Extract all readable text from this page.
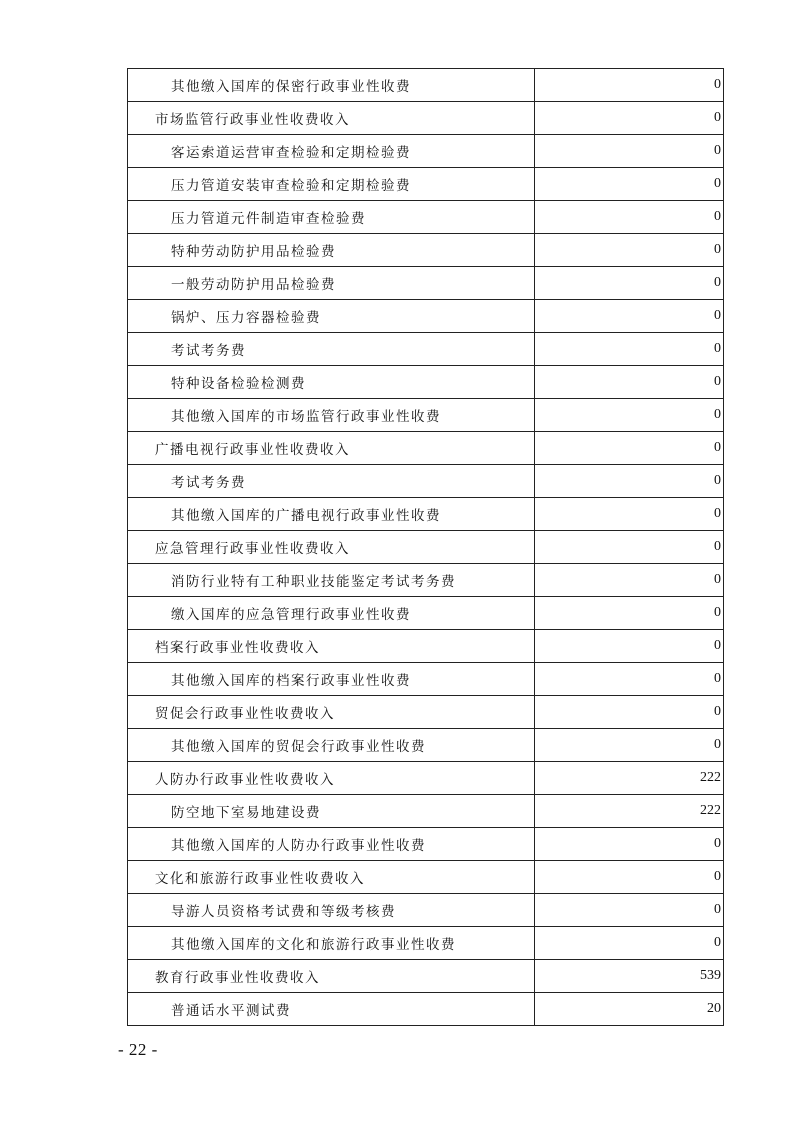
其他缴入国库的保密行政事业性收费	0
市场监管行政事业性收费收入	0
客运索道运营审查检验和定期检验费	0
压力管道安装审查检验和定期检验费	0
压力管道元件制造审查检验费	0
特种劳动防护用品检验费	0
一般劳动防护用品检验费	0
锅炉、压力容器检验费	0
考试考务费	0
特种设备检验检测费	0
其他缴入国库的市场监管行政事业性收费	0
广播电视行政事业性收费收入	0
考试考务费	0
其他缴入国库的广播电视行政事业性收费	0
应急管理行政事业性收费收入	0
消防行业特有工种职业技能鉴定考试考务费	0
缴入国库的应急管理行政事业性收费	0
档案行政事业性收费收入	0
其他缴入国库的档案行政事业性收费	0
贸促会行政事业性收费收入	0
其他缴入国库的贸促会行政事业性收费	0
人防办行政事业性收费收入	222
防空地下室易地建设费	222
其他缴入国库的人防办行政事业性收费	0
文化和旅游行政事业性收费收入	0
导游人员资格考试费和等级考核费	0
其他缴入国库的文化和旅游行政事业性收费	0
教育行政事业性收费收入	539
普通话水平测试费	20
- 22 -
